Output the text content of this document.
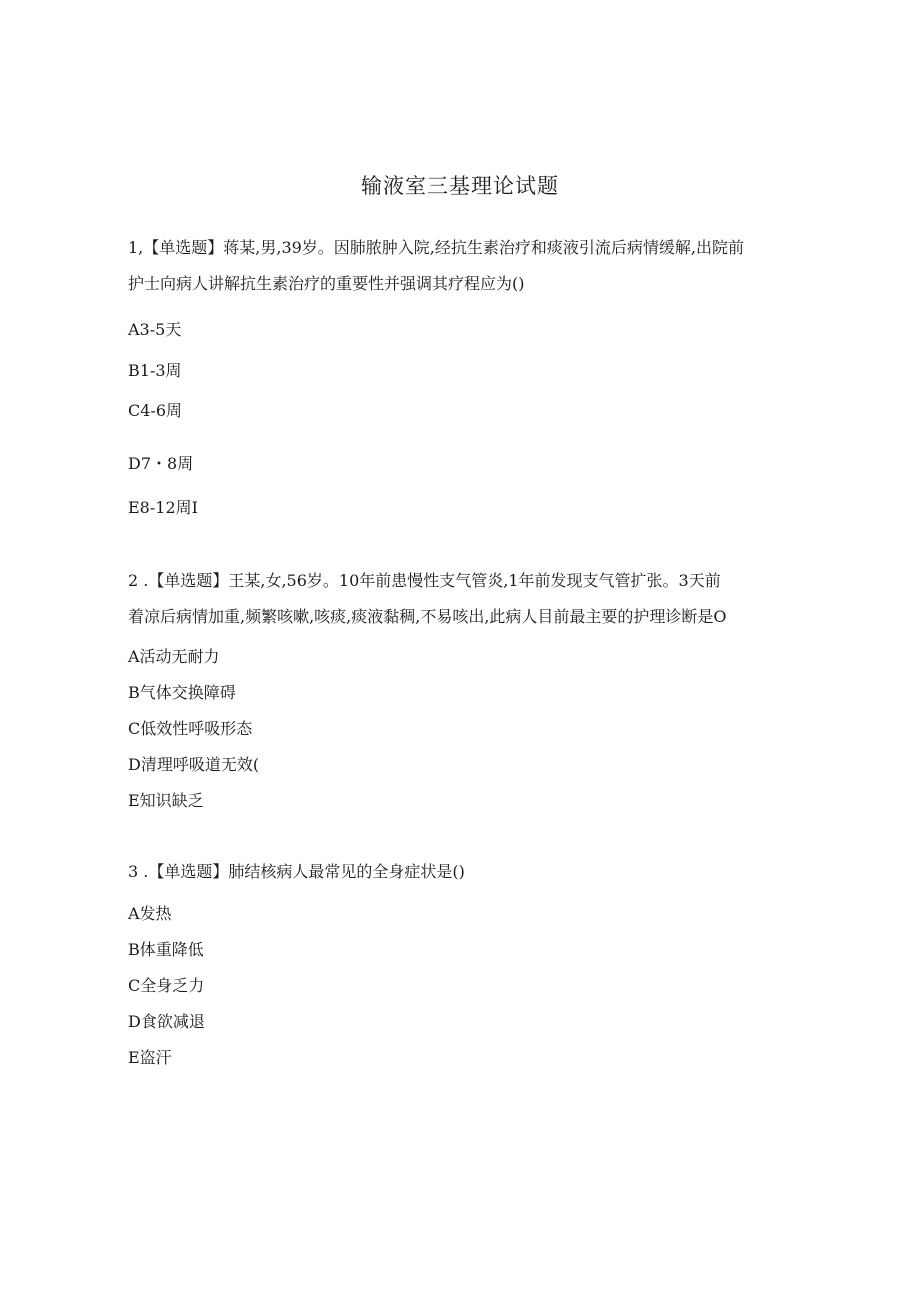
输液室三基理论试题
1,【单选题】蒋某,男,39岁。因肺脓肿入院,经抗生素治疗和痰液引流后病情缓解,出院前
护士向病人讲解抗生素治疗的重要性并强调其疗程应为()
A3-5天
B1-3周
C4-6周
D7・8周
E8-12周I
2 .【单选题】王某,女,56岁。10年前患慢性支气管炎,1年前发现支气管扩张。3天前
着凉后病情加重,频繁咳嗽,咳痰,痰液黏稠,不易咳出,此病人目前最主要的护理诊断是O
A活动无耐力
B气体交换障碍
C低效性呼吸形态
D清理呼吸道无效(
E知识缺乏
3 .【单选题】肺结核病人最常见的全身症状是()
A发热
B体重降低
C全身乏力
D食欲减退
E盗汗
